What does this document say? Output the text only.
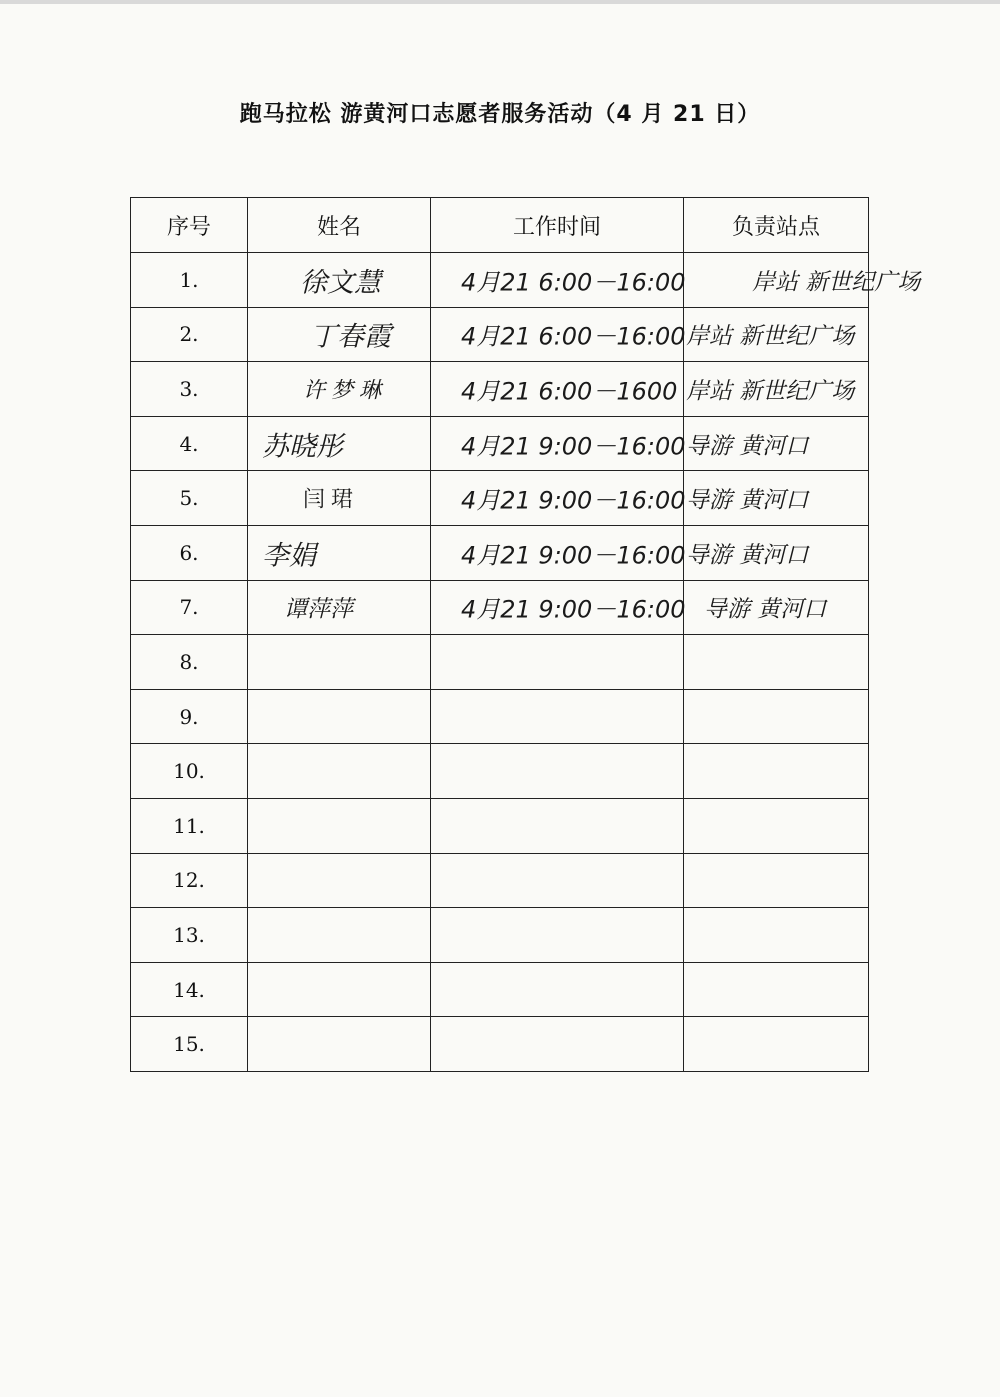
跑马拉松 游黄河口志愿者服务活动（4 月 21 日）
序号	姓名	工作时间	负责站点
1.	徐文慧	4月21 6:00－16:00	岸站 新世纪广场

2.	丁春霞	4月21 6:00－16:00	岸站 新世纪广场

3.	许梦琳	4月21 6:00－1600	岸站 新世纪广场

4.	苏晓彤	4月21 9:00－16:00	导游 黄河口

5.	闫珺	4月21 9:00－16:00	导游 黄河口

6.	李娟	4月21 9:00－16:00	导游 黄河口

7.	谭萍萍	4月21 9:00－16:00	导游 黄河口

8.	

9.	

10.	

11.	

12.	

13.	

14.	

15.	
